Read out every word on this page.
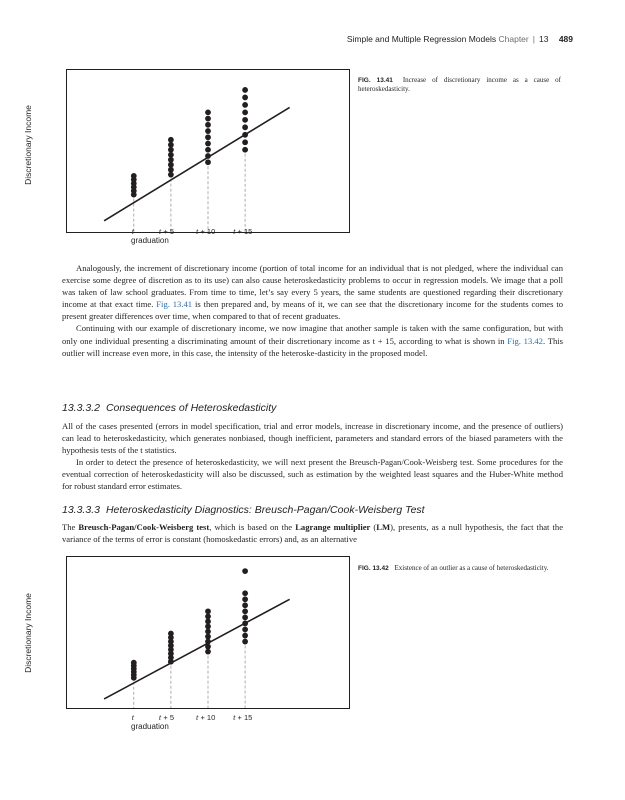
Simple and Multiple Regression Models Chapter | 13 489
Discretionary Income
t	t + 5	t + 10 t + 15
graduation
FIG. 13.41 Increase of discretionary income as a cause of heteroskedasticity.

Analogously, the increment of discretionary income (portion of total income for an individual that is not pledged, where the individual can exercise some degree of discretion as to its use) can also cause heteroskedasticity problems to occur in regression models. We image that a poll was taken of law school graduates. From time to time, let’s say every 5 years, the same students are questioned regarding their discretionary income at that exact time. Fig. 13.41 is then prepared and, by means of it, we can see that the discretionary income for the students comes to present greater differences over time, when compared to that of recent graduates.

Continuing with our example of discretionary income, we now imagine that another sample is taken with the same configuration, but with only one individual presenting a discriminating amount of their discretionary income as t + 15, according to what is shown in Fig. 13.42. This outlier will increase even more, in this case, the intensity of the heteroske-dasticity in the proposed model.

13.3.3.2 Consequences of Heteroskedasticity

All of the cases presented (errors in model specification, trial and error models, increase in discretionary income, and the presence of outliers) can lead to heteroskedasticity, which generates nonbiased, though inefficient, parameters and standard errors of the biased parameters with the hypothesis tests of the t statistics.

In order to detect the presence of heteroskedasticity, we will next present the Breusch-Pagan/Cook-Weisberg test. Some procedures for the eventual correction of heteroskedasticity will also be discussed, such as estimation by the weighted least squares and the Huber-White method for robust standard error estimates.

13.3.3.3 Heteroskedasticity Diagnostics: Breusch-Pagan/Cook-Weisberg Test

The Breusch-Pagan/Cook-Weisberg test, which is based on the Lagrange multiplier (LM), presents, as a null hypothesis, the fact that the variance of the terms of error is constant (homoskedastic errors) and, as an alternative

Discretionary Income
t	t + 5	t + 10 t + 15
graduation
FIG. 13.42 Existence of an outlier as a cause of heteroskedasticity.
